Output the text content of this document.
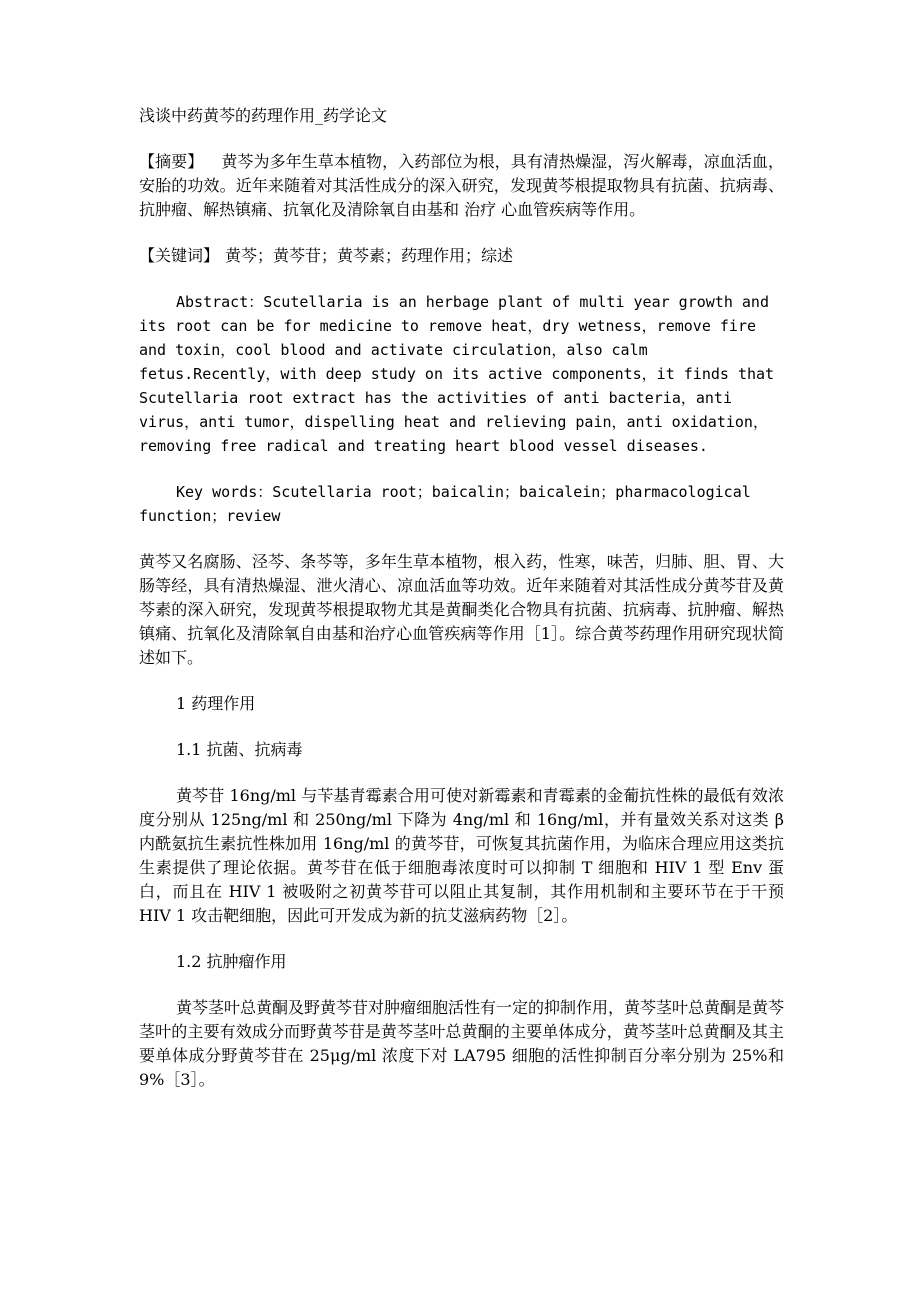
浅谈中药黄芩的药理作用_药学论文

【摘要】 黄芩为多年生草本植物，入药部位为根，具有清热燥湿，泻火解毒，凉血活血，安胎的功效。近年来随着对其活性成分的深入研究，发现黄芩根提取物具有抗菌、抗病毒、抗肿瘤、解热镇痛、抗氧化及清除氧自由基和 治疗 心血管疾病等作用。

【关键词】 黄芩；黄芩苷；黄芩素；药理作用；综述

Abstract：Scutellaria is an herbage plant of multi year growth and its root can be for medicine to remove heat，dry wetness，remove fire and toxin，cool blood and activate circulation，also calm fetus.Recently，with deep study on its active components，it finds that Scutellaria root extract has the activities of anti bacteria，anti virus，anti tumor，dispelling heat and relieving pain，anti oxidation，removing free radical and treating heart blood vessel diseases.

Key words：Scutellaria root；baicalin；baicalein；pharmacological function；review

黄芩又名腐肠、泾芩、条芩等，多年生草本植物，根入药，性寒，味苦，归肺、胆、胃、大肠等经，具有清热燥湿、泄火清心、凉血活血等功效。近年来随着对其活性成分黄芩苷及黄芩素的深入研究，发现黄芩根提取物尤其是黄酮类化合物具有抗菌、抗病毒、抗肿瘤、解热镇痛、抗氧化及清除氧自由基和治疗心血管疾病等作用［1］。综合黄芩药理作用研究现状简述如下。

1 药理作用

1.1 抗菌、抗病毒

黄芩苷 16ng/ml 与苄基青霉素合用可使对新霉素和青霉素的金葡抗性株的最低有效浓度分别从 125ng/ml 和 250ng/ml 下降为 4ng/ml 和 16ng/ml，并有量效关系对这类 β 内酰氨抗生素抗性株加用 16ng/ml 的黄芩苷，可恢复其抗菌作用，为临床合理应用这类抗生素提供了理论依据。黄芩苷在低于细胞毒浓度时可以抑制 T 细胞和 HIV 1 型 Env 蛋白，而且在 HIV 1 被吸附之初黄芩苷可以阻止其复制，其作用机制和主要环节在于干预 HIV 1 攻击靶细胞，因此可开发成为新的抗艾滋病药物［2］。

1.2 抗肿瘤作用

黄芩茎叶总黄酮及野黄芩苷对肿瘤细胞活性有一定的抑制作用，黄芩茎叶总黄酮是黄芩茎叶的主要有效成分而野黄芩苷是黄芩茎叶总黄酮的主要单体成分，黄芩茎叶总黄酮及其主要单体成分野黄芩苷在 25μg/ml 浓度下对 LA795 细胞的活性抑制百分率分别为 25%和 9%［3］。
